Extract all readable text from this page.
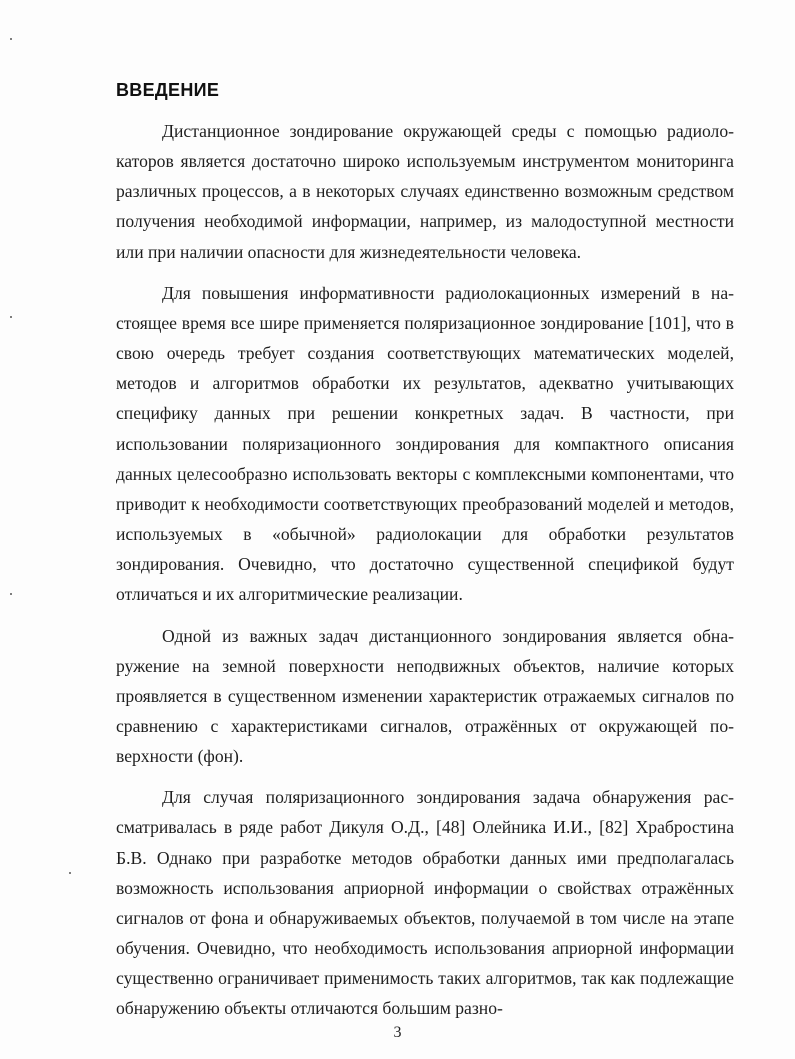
ВВЕДЕНИЕ

Дистанционное зондирование окружающей среды с помощью радиолокаторов является достаточно широко используемым инструментом мониторинга различных процессов, а в некоторых случаях единственно возможным средством получения необходимой информации, например, из малодоступной местности или при наличии опасности для жизнедеятельности человека.

Для повышения информативности радиолокационных измерений в настоящее время все шире применяется поляризационное зондирование [101], что в свою очередь требует создания соответствующих математических моделей, методов и алгоритмов обработки их результатов, адекватно учитывающих специфику данных при решении конкретных задач. В частности, при использовании поляризационного зондирования для компактного описания данных целесообразно использовать векторы с комплексными компонентами, что приводит к необходимости соответствующих преобразований моделей и методов, используемых в «обычной» радиолокации для обработки результатов зондирования. Очевидно, что достаточно существенной спецификой будут отличаться и их алгоритмические реализации.

Одной из важных задач дистанционного зондирования является обнаружение на земной поверхности неподвижных объектов, наличие которых проявляется в существенном изменении характеристик отражаемых сигналов по сравнению с характеристиками сигналов, отражённых от окружающей поверхности (фон).

Для случая поляризационного зондирования задача обнаружения рассматривалась в ряде работ Дикуля О.Д., [48] Олейника И.И., [82] Храбростина Б.В. Однако при разработке методов обработки данных ими предполагалась возможность использования априорной информации о свойствах отражённых сигналов от фона и обнаруживаемых объектов, получаемой в том числе на этапе обучения. Очевидно, что необходимость использования априорной информации существенно ограничивает применимость таких алгоритмов, так как подлежащие обнаружению объекты отличаются большим разно-

3
